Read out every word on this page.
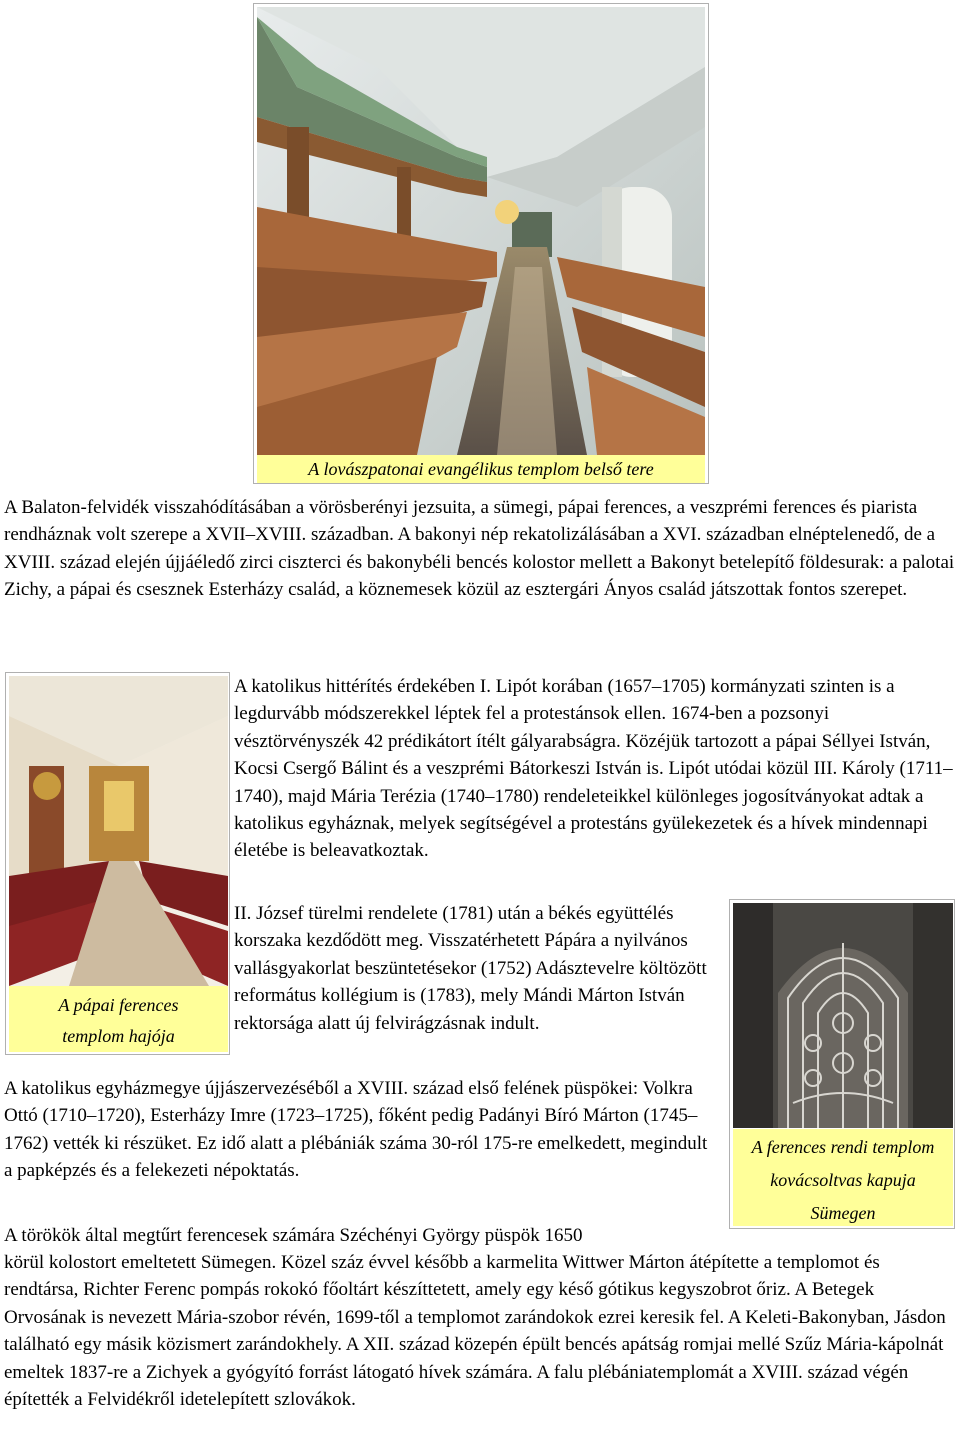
A lovászpatonai evangélikus templom belső tere

A Balaton-felvidék visszahódításában a vörösberényi jezsuita, a sümegi, pápai ferences, a veszprémi ferences és piarista rendháznak volt szerepe a XVII–XVIII. században. A bakonyi nép rekatolizálásában a XVI. században elnéptelenedő, de a XVIII. század elején újjáéledő zirci ciszterci és bakonybéli bencés kolostor mellett a Bakonyt betelepítő földesurak: a palotai Zichy, a pápai és csesznek Esterházy család, a köznemesek közül az esztergári Ányos család játszottak fontos szerepet.

A pápai ferences
templom hajója

A katolikus hittérítés érdekében I. Lipót korában (1657–1705) kormányzati szinten is a legdurvább módszerekkel léptek fel a protestánsok ellen. 1674-ben a pozsonyi vésztörvényszék 42 prédikátort ítélt gályarabságra. Közéjük tartozott a pápai Séllyei István, Kocsi Csergő Bálint és a veszprémi Bátorkeszi István is. Lipót utódai közül III. Károly (1711–1740), majd Mária Terézia (1740–1780) rendeleteikkel különleges jogosítványokat adtak a katolikus egyháznak, melyek segítségével a protestáns gyülekezetek és a hívek mindennapi életébe is beleavatkoztak.

II. József türelmi rendelete (1781) után a békés együttélés korszaka kezdődött meg. Visszatérhetett Pápára a nyilvános vallásgyakorlat beszüntetésekor (1752) Adásztevelre költözött református kollégium is (1783), mely Mándi Márton István rektorsága alatt új felvirágzásnak indult.

A ferences rendi templom
kovácsoltvas kapuja
Sümegen

A katolikus egyházmegye újjászervezéséből a XVIII. század első felének püspökei: Volkra Ottó (1710–1720), Esterházy Imre (1723–1725), főként pedig Padányi Bíró Márton (1745–1762) vették ki részüket. Ez idő alatt a plébániák száma 30-ról 175-re emelkedett, megindult a papképzés és a felekezeti népoktatás.

A törökök által megtűrt ferencesek számára Széchényi György püspök 1650

körül kolostort emeltetett Sümegen. Közel száz évvel később a karmelita Wittwer Márton átépítette a templomot és rendtársa, Richter Ferenc pompás rokokó főoltárt készíttetett, amely egy késő gótikus kegyszobrot őriz. A Betegek Orvosának is nevezett Mária-szobor révén, 1699-től a templomot zarándokok ezrei keresik fel. A Keleti-Bakonyban, Jásdon található egy másik közismert zarándokhely. A XII. század közepén épült bencés apátság romjai mellé Szűz Mária-kápolnát emeltek 1837-re a Zichyek a gyógyító forrást látogató hívek számára. A falu plébániatemplomát a XVIII. század végén építették a Felvidékről idetelepített szlovákok.
